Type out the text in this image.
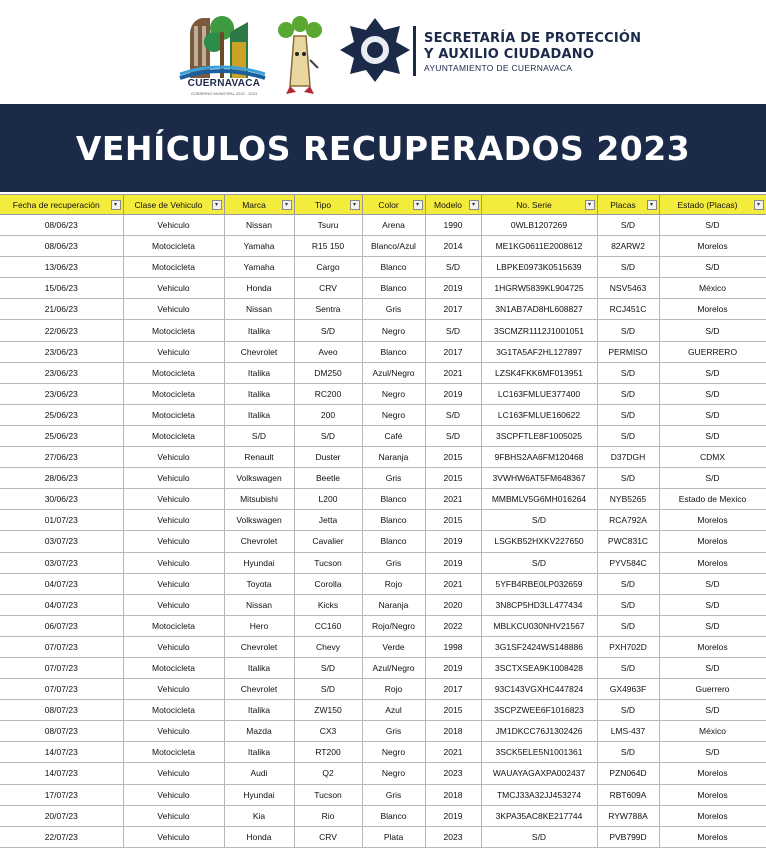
CUERNAVACA
GOBIERNO MUNICIPAL 2022 - 2024
SECRETARÍA DE PROTECCIÓN
Y AUXILIO CIUDADANO
AYUNTAMIENTO DE CUERNAVACA
VEHÍCULOS RECUPERADOS 2023
Fecha de recuperación ▾	Clase de Vehiculo ▾	Marca ▾	Tipo ▾	Color ▾	Modelo ▾	No. Serie ▾	Placas ▾	Estado (Placas) ▾

08/06/23	Vehiculo	Nissan	Tsuru	Arena	1990	0WLB1207269	S/D	S/D
08/06/23	Motocicleta	Yamaha	R15 150	Blanco/Azul	2014	ME1KG0611E2008612	82ARW2	Morelos
13/06/23	Motocicleta	Yamaha	Cargo	Blanco	S/D	LBPKE0973K0515639	S/D	S/D
15/06/23	Vehiculo	Honda	CRV	Blanco	2019	1HGRW5839KL904725	NSV5463	México
21/06/23	Vehiculo	Nissan	Sentra	Gris	2017	3N1AB7AD8HL608827	RCJ451C	Morelos
22/06/23	Motocicleta	Italika	S/D	Negro	S/D	3SCMZR1112J1001051	S/D	S/D
23/06/23	Vehiculo	Chevrolet	Aveo	Blanco	2017	3G1TA5AF2HL127897	PERMISO	GUERRERO
23/06/23	Motocicleta	Italika	DM250	Azul/Negro	2021	LZSK4FKK6MF013951	S/D	S/D
23/06/23	Motocicleta	Italika	RC200	Negro	2019	LC163FMLUE377400	S/D	S/D
25/06/23	Motocicleta	Italika	200	Negro	S/D	LC163FMLUE160622	S/D	S/D
25/06/23	Motocicleta	S/D	S/D	Café	S/D	3SCPFTLE8F1005025	S/D	S/D
27/06/23	Vehiculo	Renault	Duster	Naranja	2015	9FBHS2AA6FM120468	D37DGH	CDMX
28/06/23	Vehiculo	Volkswagen	Beetle	Gris	2015	3VWHW6AT5FM648367	S/D	S/D
30/06/23	Vehiculo	Mitsubishi	L200	Blanco	2021	MMBMLV5G6MH016264	NYB5265	Estado de Mexico
01/07/23	Vehiculo	Volkswagen	Jetta	Blanco	2015	S/D	RCA792A	Morelos
03/07/23	Vehiculo	Chevrolet	Cavalier	Blanco	2019	LSGKB52HXKV227650	PWC831C	Morelos
03/07/23	Vehiculo	Hyundai	Tucson	Gris	2019	S/D	PYV584C	Morelos
04/07/23	Vehiculo	Toyota	Corolla	Rojo	2021	5YFB4RBE0LP032659	S/D	S/D
04/07/23	Vehiculo	Nissan	Kicks	Naranja	2020	3N8CP5HD3LL477434	S/D	S/D
06/07/23	Motocicleta	Hero	CC160	Rojo/Negro	2022	MBLKCU030NHV21567	S/D	S/D
07/07/23	Vehiculo	Chevrolet	Chevy	Verde	1998	3G1SF2424WS148886	PXH702D	Morelos
07/07/23	Motocicleta	Italika	S/D	Azul/Negro	2019	3SCTXSEA9K1008428	S/D	S/D
07/07/23	Vehiculo	Chevrolet	S/D	Rojo	2017	93C143VGXHC447824	GX4963F	Guerrero
08/07/23	Motocicleta	Italika	ZW150	Azul	2015	3SCPZWEE6F1016823	S/D	S/D
08/07/23	Vehiculo	Mazda	CX3	Gris	2018	JM1DKCC76J1302426	LMS-437	México
14/07/23	Motocicleta	Italika	RT200	Negro	2021	3SCK5ELE5N1001361	S/D	S/D
14/07/23	Vehiculo	Audi	Q2	Negro	2023	WAUAYAGAXPA002437	PZN064D	Morelos
17/07/23	Vehiculo	Hyundai	Tucson	Gris	2018	TMCJ33A32JJ453274	RBT609A	Morelos
20/07/23	Vehiculo	Kia	Rio	Blanco	2019	3KPA35AC8KE217744	RYW788A	Morelos
22/07/23	Vehiculo	Honda	CRV	Plata	2023	S/D	PVB799D	Morelos
